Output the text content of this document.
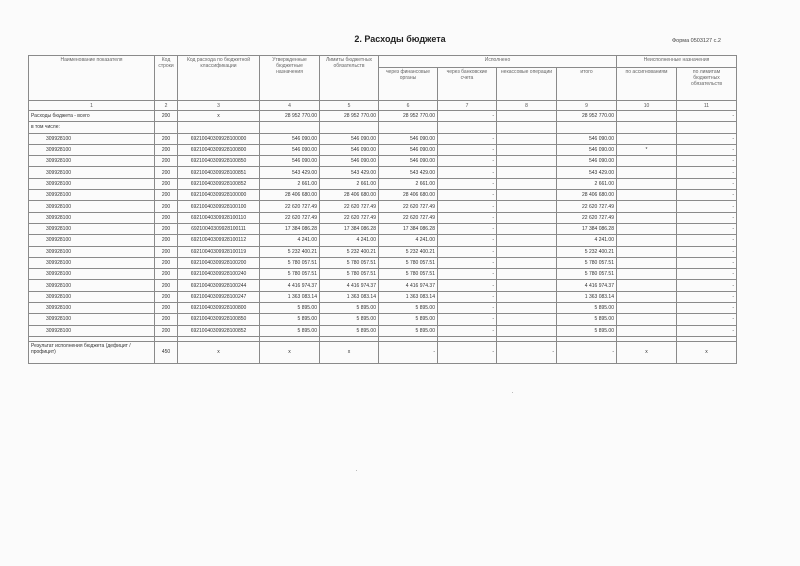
2. Расходы бюджета	Форма 0503127 с.2
Наименование показателя	Код строки	Код расхода по бюджетной классификации	Утвержденные бюджетные назначения	Лимиты бюджетных обязательств	Исполнено				Неисполненные назначения	
					через финансовые органы	через банковские счета	некассовые операции	итого	по ассигнованиям	по лимитам бюджетных обязательств
1	2	3	4	5	6	7	8	9	10	11
Расходы бюджета - всего	200	x	28 952 770.00	28 952 770.00	28 952 770.00	-		28 952 770.00		-
в том числе:										
309928100	200	69210040309928100000	546 090.00	546 090.00	546 090.00	-		546 090.00		-
309928100	200	69210040309928100800	546 090.00	546 090.00	546 090.00	-		546 090.00	*	-
309928100	200	69210040309928100850	546 090.00	546 090.00	546 090.00	-		546 090.00		-
309928100	200	69210040309928100851	543 429.00	543 429.00	543 429.00	-		543 429.00		-
309928100	200	69210040309928100852	2 661.00	2 661.00	2 661.00	-		2 661.00		-
309928100	200	69210040309928100000	28 406 680.00	28 406 680.00	28 406 680.00	-		28 406 680.00		-
309928100	200	69210040309928100100	22 620 727.49	22 620 727.49	22 620 727.49	-		22 620 727.49		-
309928100	200	69210040309928100110	22 620 727.49	22 620 727.49	22 620 727.49	-		22 620 727.49		-
309928100	200	69210040309928100111	17 384 086.28	17 384 086.28	17 384 086.28	-		17 384 086.28		-
309928100	200	69210040309928100112	4 241.00	4 241.00	4 241.00	-		4 241.00		-
309928100	200	69210040309928100119	5 232 400.21	5 232 400.21	5 232 400.21	-		5 232 400.21		-
309928100	200	69210040309928100200	5 780 057.51	5 780 057.51	5 780 057.51	-		5 780 057.51		-
309928100	200	69210040309928100240	5 780 057.51	5 780 057.51	5 780 057.51	-		5 780 057.51		-
309928100	200	69210040309928100244	4 416 974.37	4 416 974.37	4 416 974.37	-		4 416 974.37		-
309928100	200	69210040309928100247	1 363 083.14	1 363 083.14	1 363 083.14	-		1 363 083.14		-
309928100	200	69210040309928100800	5 895.00	5 895.00	5 895.00	-		5 895.00		-
309928100	200	69210040309928100850	5 895.00	5 895.00	5 895.00	-		5 895.00		-
309928100	200	69210040309928100852	5 895.00	5 895.00	5 895.00	-		5 895.00		-

Результат исполнения бюджета (дефицит / профицит)	450	x	x	x	-	-	-	-	x	x
